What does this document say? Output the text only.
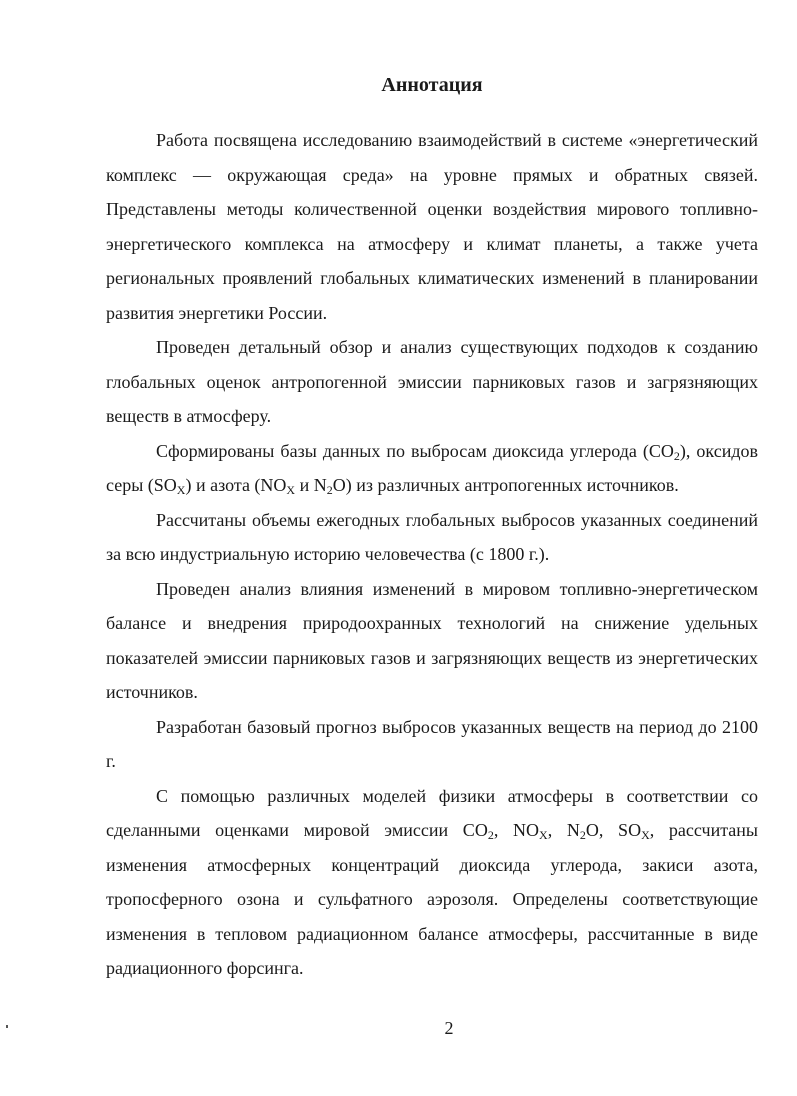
Аннотация

Работа посвящена исследованию взаимодействий в системе «энергетический комплекс — окружающая среда» на уровне прямых и обратных связей. Представлены методы количественной оценки воздействия мирового топливно-энергетического комплекса на атмосферу и климат планеты, а также учета региональных проявлений глобальных климатических изменений в планировании развития энергетики России.

Проведен детальный обзор и анализ существующих подходов к созданию глобальных оценок антропогенной эмиссии парниковых газов и загрязняющих веществ в атмосферу.

Сформированы базы данных по выбросам диоксида углерода $(CO_2)$, оксидов серы $(SO_X)$ и азота ($NO_X$ и $N_2O$) из различных антропогенных источников.

Рассчитаны объемы ежегодных глобальных выбросов указанных соединений за всю индустриальную историю человечества (с 1800 г.).

Проведен анализ влияния изменений в мировом топливно-энергетическом балансе и внедрения природоохранных технологий на снижение удельных показателей эмиссии парниковых газов и загрязняющих веществ из энергетических источников.

Разработан базовый прогноз выбросов указанных веществ на период до 2100 г.

С помощью различных моделей физики атмосферы в соответствии со сделанными оценками мировой эмиссии $CO_2$, $NO_X$, $N_2O$, $SO_X$, рассчитаны изменения атмосферных концентраций диоксида углерода, закиси азота, тропосферного озона и сульфатного аэрозоля. Определены соответствующие изменения в тепловом радиационном балансе атмосферы, рассчитанные в виде радиационного форсинга.

2
